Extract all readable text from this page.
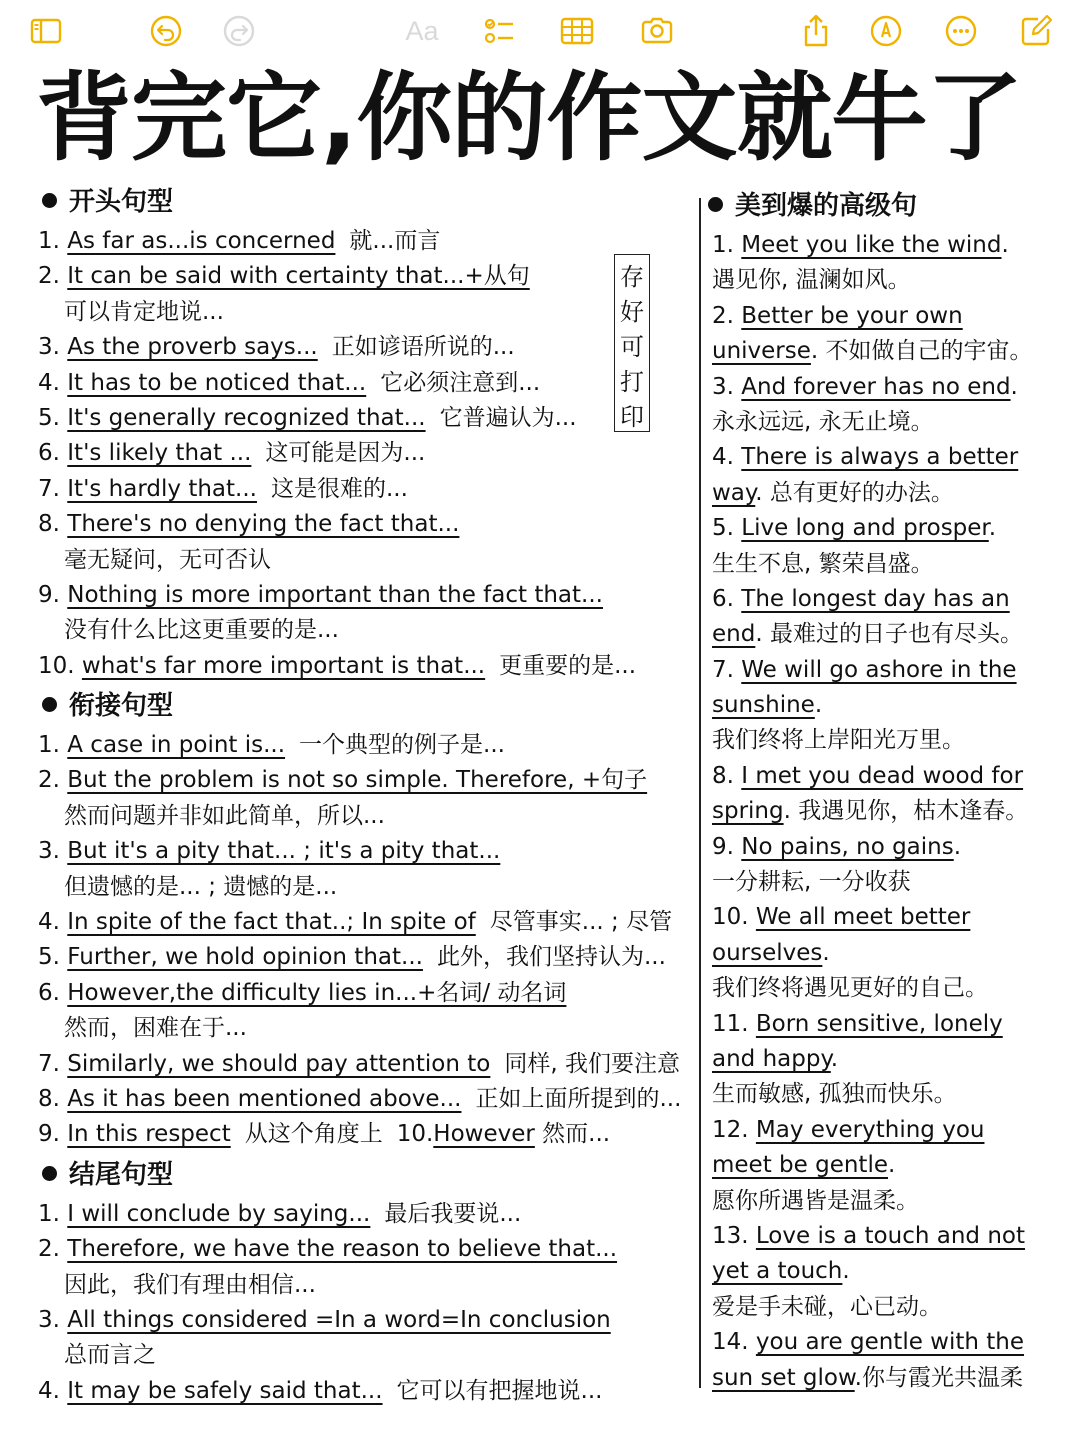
Aa
背完它,你的作文就牛了
存
好
可
打
印
开头句型
1. As far as...is concerned 就...而言
2. It can be said with certainty that...+从句
可以肯定地说...
3. As the proverb says... 正如谚语所说的...
4. It has to be noticed that... 它必须注意到...
5. It's generally recognized that... 它普遍认为...
6. It's likely that ... 这可能是因为...
7. It's hardly that... 这是很难的...
8. There's no denying the fact that...
毫无疑问，无可否认
9. Nothing is more important than the fact that...
没有什么比这更重要的是...
10. what's far more important is that... 更重要的是...
衔接句型
1. A case in point is... 一个典型的例子是...
2. But the problem is not so simple. Therefore, +句子
然而问题并非如此简单，所以...
3. But it's a pity that... ; it's a pity that...
但遗憾的是... ; 遗憾的是...
4. In spite of the fact that..; In spite of 尽管事实... ; 尽管
5. Further, we hold opinion that... 此外，我们坚持认为...
6. However,the difficulty lies in...+名词/ 动名词
然而，困难在于...
7. Similarly, we should pay attention to 同样, 我们要注意
8. As it has been mentioned above... 正如上面所提到的...
9. In this respect 从这个角度上 10.However 然而...
结尾句型
1. I will conclude by saying... 最后我要说...
2. Therefore, we have the reason to believe that...
因此，我们有理由相信...
3. All things considered =In a word=In conclusion
总而言之
4. It may be safely said that... 它可以有把握地说...
美到爆的高级句
1. Meet you like the wind.
遇见你, 温澜如风。
2. Better be your own
universe. 不如做自己的宇宙。
3. And forever has no end.
永永远远, 永无止境。
4. There is always a better
way. 总有更好的办法。
5. Live long and prosper.
生生不息, 繁荣昌盛。
6. The longest day has an
end. 最难过的日子也有尽头。
7. We will go ashore in the
sunshine.
我们终将上岸阳光万里。
8. I met you dead wood for
spring. 我遇见你，枯木逢春。
9. No pains, no gains.
一分耕耘, 一分收获
10. We all meet better
ourselves.
我们终将遇见更好的自己。
11. Born sensitive, lonely
and happy.
生而敏感, 孤独而快乐。
12. May everything you
meet be gentle.
愿你所遇皆是温柔。
13. Love is a touch and not
yet a touch.
爱是手未碰，心已动。
14. you are gentle with the
sun set glow.你与霞光共温柔
